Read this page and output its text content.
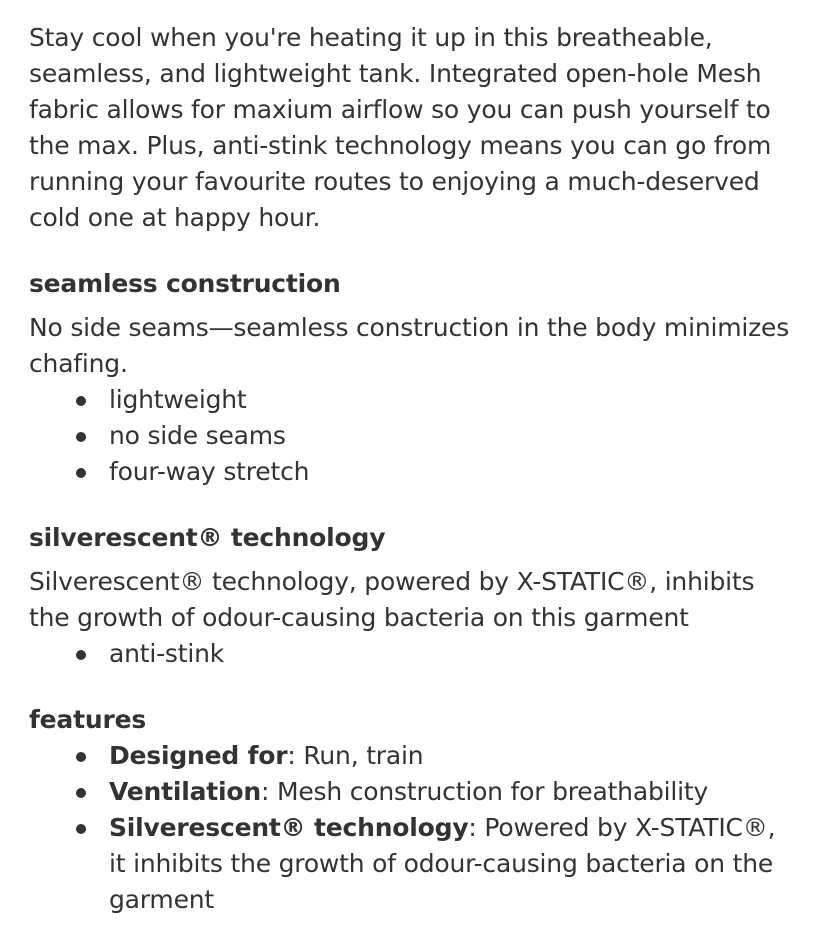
Stay cool when you're heating it up in this breatheable, seamless, and lightweight tank. Integrated open-hole Mesh fabric allows for maxium airflow so you can push yourself to the max. Plus, anti-stink technology means you can go from running your favourite routes to enjoying a much-deserved cold one at happy hour.

seamless construction

No side seams—seamless construction in the body minimizes chafing.

lightweight
no side seams
four-way stretch
silverescent® technology

Silverescent® technology, powered by X-STATIC®, inhibits the growth of odour-causing bacteria on this garment

anti-stink
features
Designed for: Run, train
Ventilation: Mesh construction for breathability
Silverescent® technology: Powered by X-STATIC®, it inhibits the growth of odour-causing bacteria on the garment
